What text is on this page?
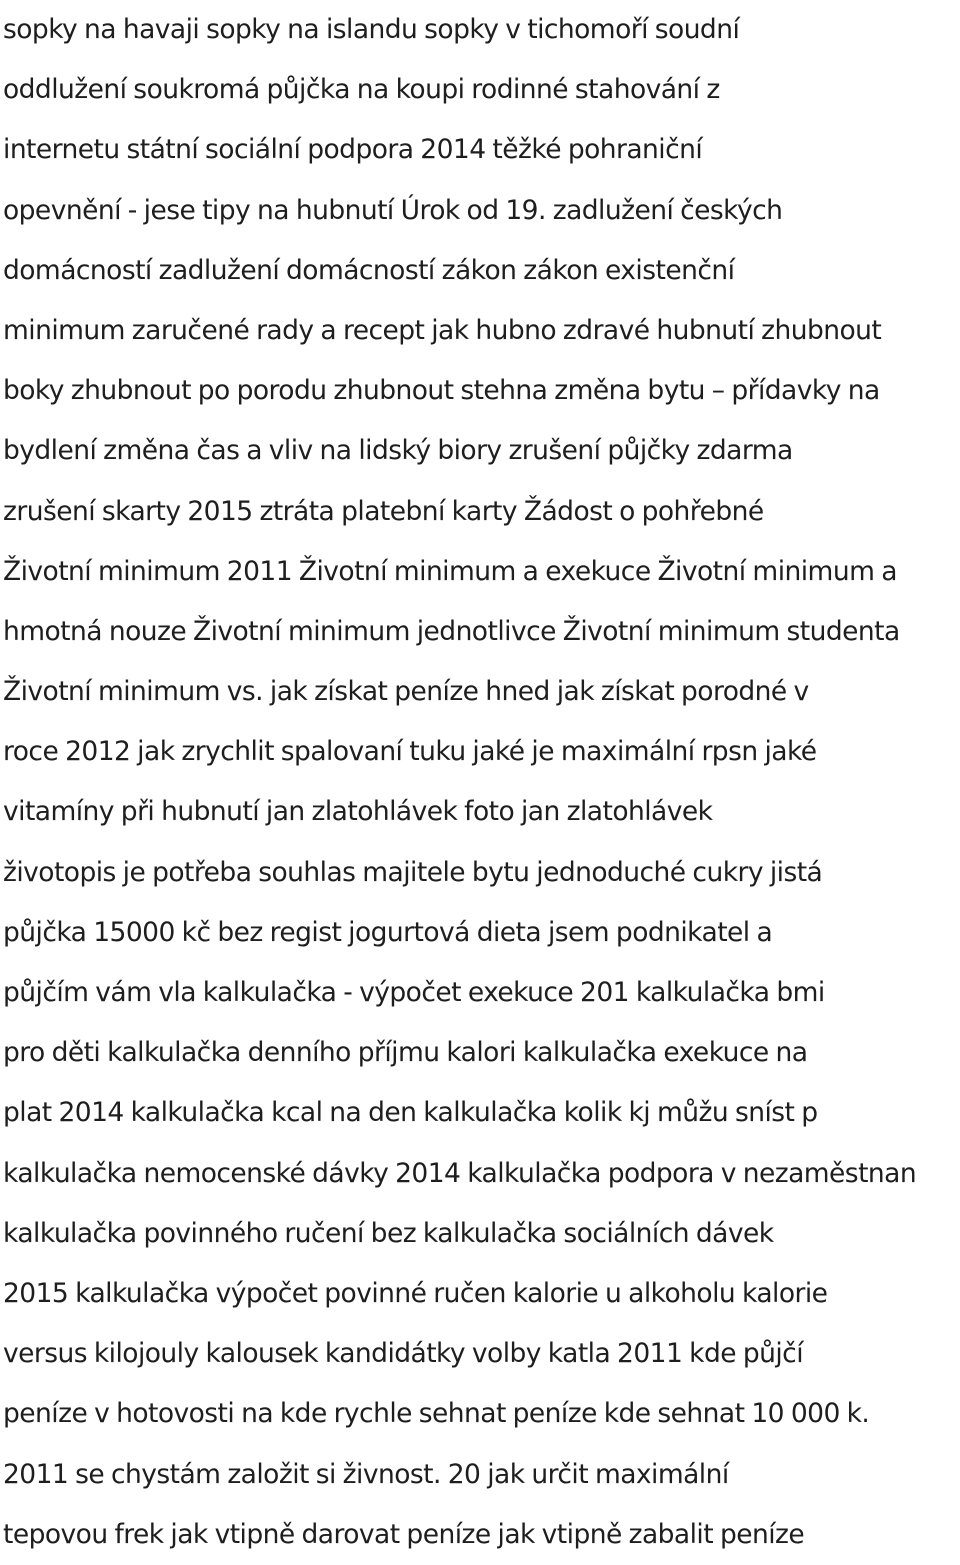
sopky na havaji sopky na islandu sopky v tichomoří soudní
oddlužení soukromá půjčka na koupi rodinné stahování z
internetu státní sociální podpora 2014 těžké pohraniční
opevnění - jese tipy na hubnutí Úrok od 19. zadlužení českých
domácností zadlužení domácností zákon zákon existenční
minimum zaručené rady a recept jak hubno zdravé hubnutí zhubnout
boky zhubnout po porodu zhubnout stehna změna bytu – přídavky na
bydlení změna čas a vliv na lidský biory zrušení půjčky zdarma
zrušení skarty 2015 ztráta platební karty Žádost o pohřebné
Životní minimum 2011 Životní minimum a exekuce Životní minimum a
hmotná nouze Životní minimum jednotlivce Životní minimum studenta
Životní minimum vs. jak získat peníze hned jak získat porodné v
roce 2012 jak zrychlit spalovaní tuku jaké je maximální rpsn jaké
vitamíny při hubnutí jan zlatohlávek foto jan zlatohlávek
životopis je potřeba souhlas majitele bytu jednoduché cukry jistá
půjčka 15000 kč bez regist jogurtová dieta jsem podnikatel a
půjčím vám vla kalkulačka - výpočet exekuce 201 kalkulačka bmi
pro děti kalkulačka denního příjmu kalori kalkulačka exekuce na
plat 2014 kalkulačka kcal na den kalkulačka kolik kj můžu sníst p
kalkulačka nemocenské dávky 2014 kalkulačka podpora v nezaměstnan
kalkulačka povinného ručení bez kalkulačka sociálních dávek
2015 kalkulačka výpočet povinné ručen kalorie u alkoholu kalorie
versus kilojouly kalousek kandidátky volby katla 2011 kde půjčí
peníze v hotovosti na kde rychle sehnat peníze kde sehnat 10 000 k.
2011 se chystám založit si živnost. 20 jak určit maximální
tepovou frek jak vtipně darovat peníze jak vtipně zabalit peníze
